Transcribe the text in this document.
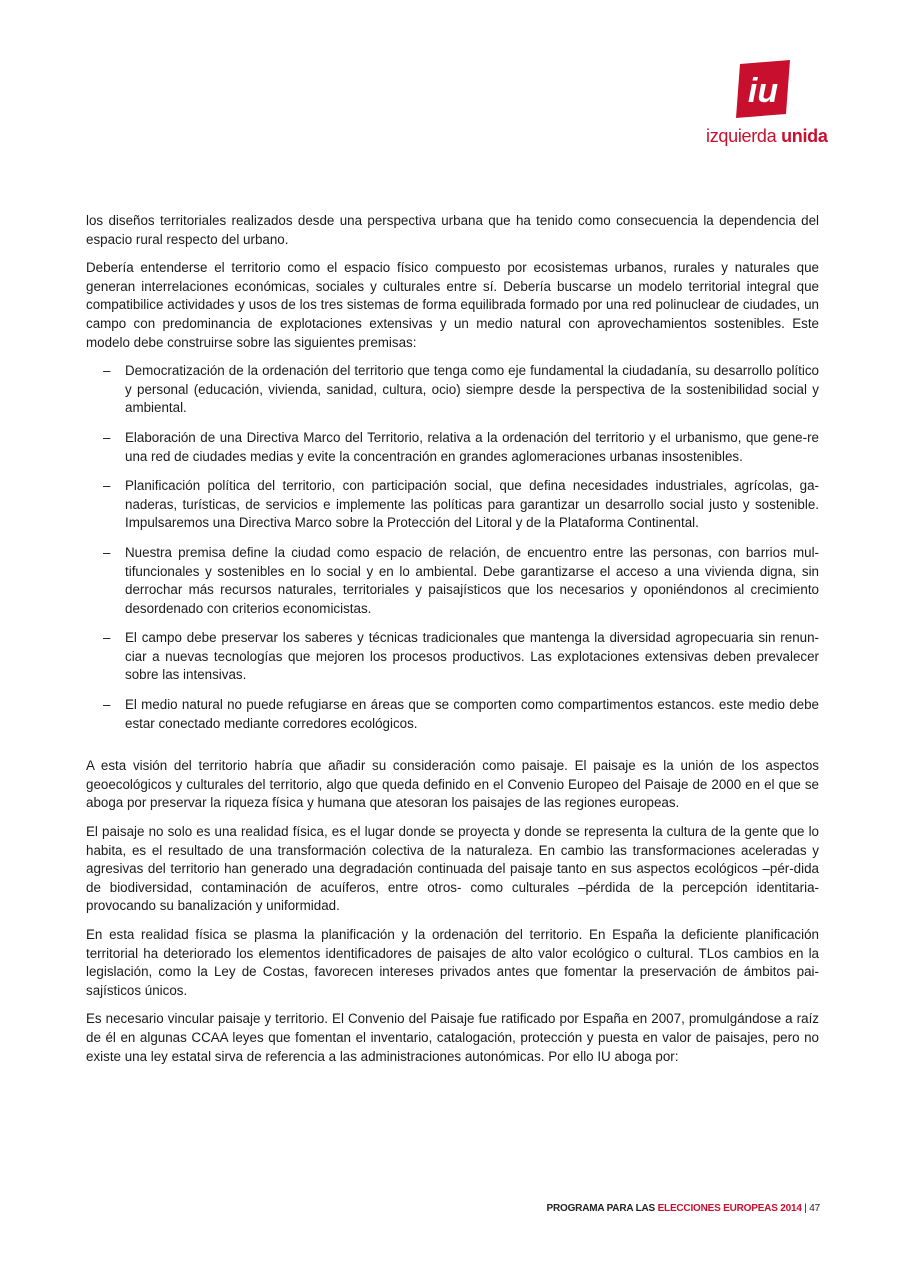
iu
izquierda unida

los diseños territoriales realizados desde una perspectiva urbana que ha tenido como consecuencia la dependencia del espacio rural respecto del urbano.

Debería entenderse el territorio como el espacio físico compuesto por ecosistemas urbanos, rurales y naturales que generan interrelaciones económicas, sociales y culturales entre sí. Debería buscarse un modelo territorial integral que compatibilice actividades y usos de los tres sistemas de forma equilibrada formado por una red polinuclear de ciudades, un campo con predominancia de explotaciones extensivas y un medio natural con aprovechamientos sostenibles. Este modelo debe construirse sobre las siguientes premisas:

– Democratización de la ordenación del territorio que tenga como eje fundamental la ciudadanía, su desarrollo político y personal (educación, vivienda, sanidad, cultura, ocio) siempre desde la perspectiva de la sostenibilidad social y ambiental.
– Elaboración de una Directiva Marco del Territorio, relativa a la ordenación del territorio y el urbanismo, que gene-re una red de ciudades medias y evite la concentración en grandes aglomeraciones urbanas insostenibles.
– Planificación política del territorio, con participación social, que defina necesidades industriales, agrícolas, ga-naderas, turísticas, de servicios e implemente las políticas para garantizar un desarrollo social justo y sostenible. Impulsaremos una Directiva Marco sobre la Protección del Litoral y de la Plataforma Continental.
– Nuestra premisa define la ciudad como espacio de relación, de encuentro entre las personas, con barrios mul-tifuncionales y sostenibles en lo social y en lo ambiental. Debe garantizarse el acceso a una vivienda digna, sin derrochar más recursos naturales, territoriales y paisajísticos que los necesarios y oponiéndonos al crecimiento desordenado con criterios economicistas.
– El campo debe preservar los saberes y técnicas tradicionales que mantenga la diversidad agropecuaria sin renun-ciar a nuevas tecnologías que mejoren los procesos productivos. Las explotaciones extensivas deben prevalecer sobre las intensivas.
– El medio natural no puede refugiarse en áreas que se comporten como compartimentos estancos. este medio debe estar conectado mediante corredores ecológicos.

A esta visión del territorio habría que añadir su consideración como paisaje. El paisaje es la unión de los aspectos geoecológicos y culturales del territorio, algo que queda definido en el Convenio Europeo del Paisaje de 2000 en el que se aboga por preservar la riqueza física y humana que atesoran los paisajes de las regiones europeas.

El paisaje no solo es una realidad física, es el lugar donde se proyecta y donde se representa la cultura de la gente que lo habita, es el resultado de una transformación colectiva de la naturaleza. En cambio las transformaciones aceleradas y agresivas del territorio han generado una degradación continuada del paisaje tanto en sus aspectos ecológicos –pér-dida de biodiversidad, contaminación de acuíferos, entre otros- como culturales –pérdida de la percepción identitaria-provocando su banalización y uniformidad.

En esta realidad física se plasma la planificación y la ordenación del territorio. En España la deficiente planificación territorial ha deteriorado los elementos identificadores de paisajes de alto valor ecológico o cultural. TLos cambios en la legislación, como la Ley de Costas, favorecen intereses privados antes que fomentar la preservación de ámbitos pai-sajísticos únicos.

Es necesario vincular paisaje y territorio. El Convenio del Paisaje fue ratificado por España en 2007, promulgándose a raíz de él en algunas CCAA leyes que fomentan el inventario, catalogación, protección y puesta en valor de paisajes, pero no existe una ley estatal sirva de referencia a las administraciones autonómicas. Por ello IU aboga por:

PROGRAMA PARA LAS ELECCIONES EUROPEAS 2014 | 47
